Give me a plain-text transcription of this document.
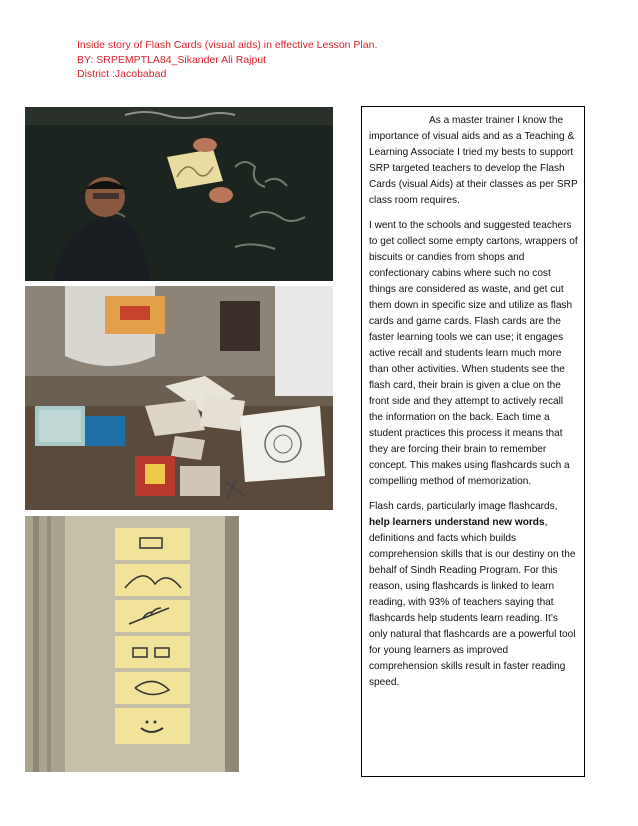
Inside story of Flash Cards (visual aids) in effective Lesson Plan.
BY: SRPEMPTLA84_Sikander Ali Rajput
District :Jacobabad

As a master trainer I know the importance of visual aids and as a Teaching & Learning Associate I tried my bests to support SRP targeted teachers to develop the Flash Cards (visual Aids) at their classes as per SRP class room requires.

I went to the schools and suggested teachers to get collect some empty cartons, wrappers of biscuits or candies from shops and confectionary cabins where such no cost things are considered as waste, and get cut them down in specific size and utilize as flash cards and game cards. Flash cards are the faster learning tools we can use; it engages active recall and students learn much more than other activities. When students see the flash card, their brain is given a clue on the front side and they attempt to actively recall the information on the back. Each time a student practices this process it means that they are forcing their brain to remember concept. This makes using flashcards such a compelling method of memorization.

Flash cards, particularly image flashcards, help learners understand new words, definitions and facts which builds comprehension skills that is our destiny on the behalf of Sindh Reading Program. For this reason, using flashcards is linked to learn reading, with 93% of teachers saying that flashcards help students learn reading. It’s only natural that flashcards are a powerful tool for young learners as improved comprehension skills result in faster reading speed.
